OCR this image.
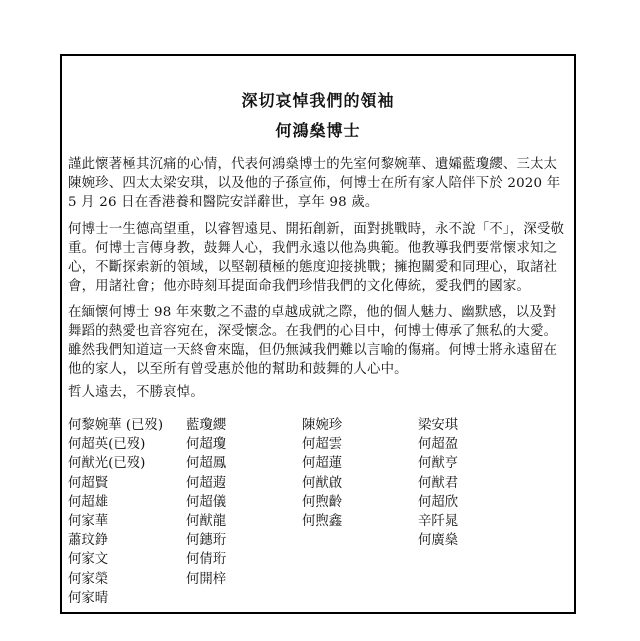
深切哀悼我們的領袖
何鴻燊博士

謹此懷著極其沉痛的心情，代表何鴻燊博士的先室何黎婉華、遺孀藍瓊纓、三太太陳婉珍、四太太梁安琪，以及他的子孫宣佈，何博士在所有家人陪伴下於 2020 年 5 月 26 日在香港養和醫院安詳辭世，享年 98 歲。

何博士一生德高望重，以睿智遠見、開拓創新，面對挑戰時，永不說「不」，深受敬重。何博士言傳身教，鼓舞人心，我們永遠以他為典範。他教導我們要常懷求知之心，不斷探索新的領域，以堅韌積極的態度迎接挑戰；擁抱關愛和同理心，取諸社會，用諸社會；他亦時刻耳提面命我們珍惜我們的文化傳統，愛我們的國家。

在緬懷何博士 98 年來數之不盡的卓越成就之際，他的個人魅力、幽默感，以及對舞蹈的熱愛也音容宛在，深受懷念。在我們的心目中，何博士傳承了無私的大愛。雖然我們知道這一天終會來臨，但仍無減我們難以言喻的傷痛。何博士將永遠留在他的家人，以至所有曾受惠於他的幫助和鼓舞的人心中。

哲人遠去，不勝哀悼。

何黎婉華 (已歿)
何超英(已歿)
何猷光(已歿)
何超賢
何超雄
何家華
蕭玟錚
何家文
何家榮
何家晴
藍瓊纓
何超瓊
何超鳳
何超蕸
何超儀
何猷龍
何鏸珩
何倩珩
何開梓
陳婉珍
何超雲
何超蓮
何猷啟
何煦齡
何煦鑫
梁安琪
何超盈
何猷亨
何猷君
何超欣
辛阡晁
何廣燊
